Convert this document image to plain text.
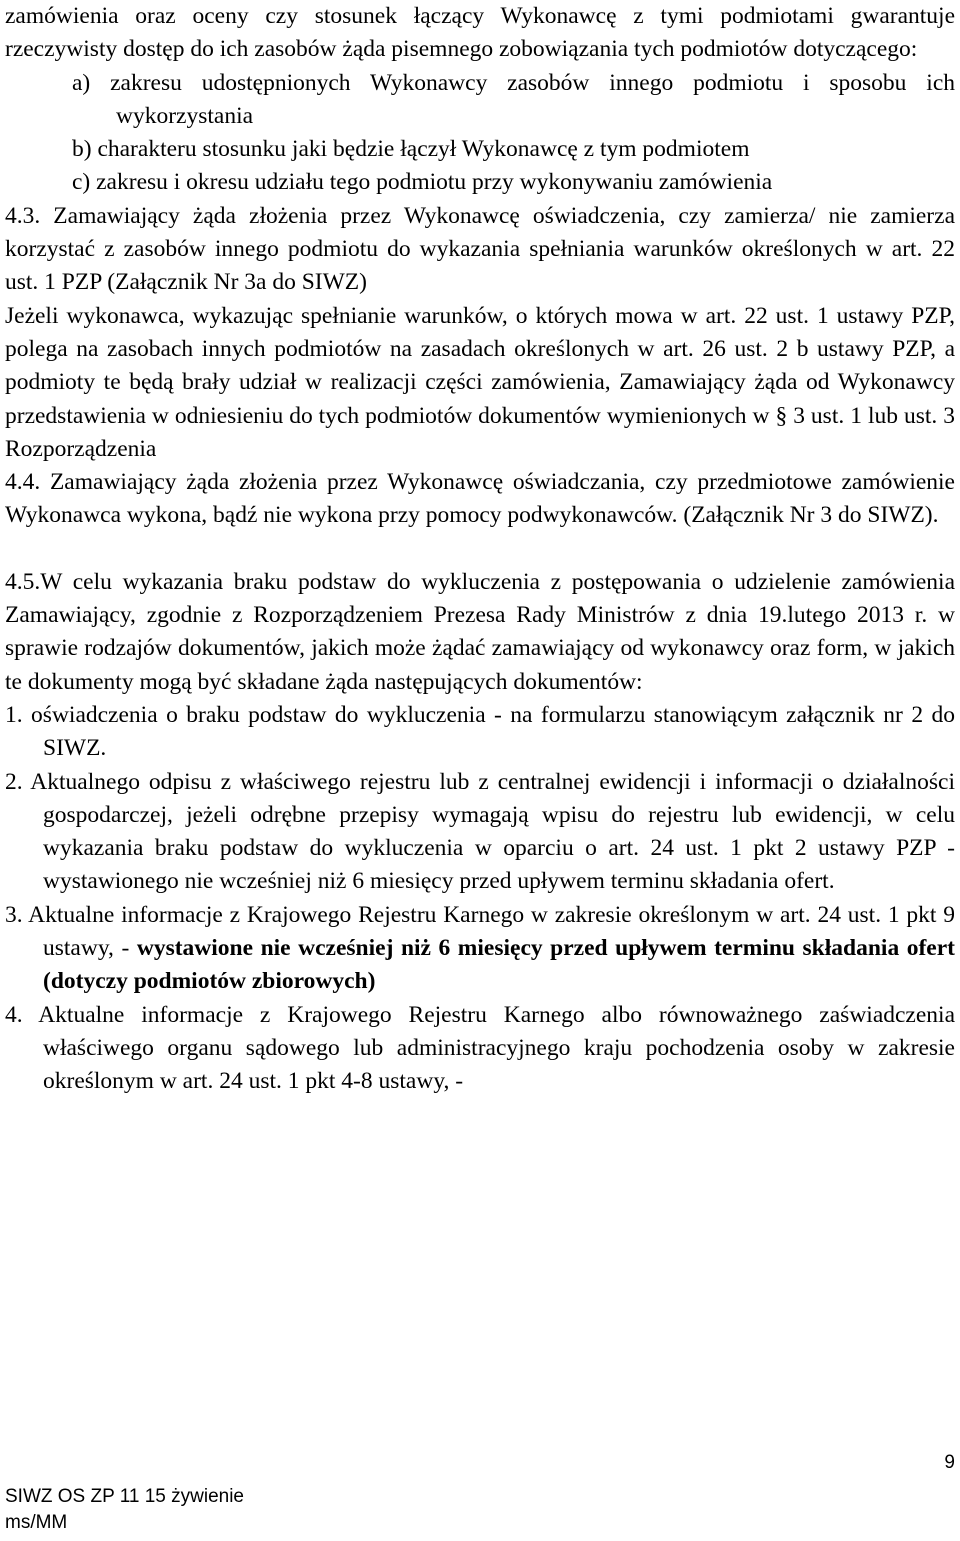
zamówienia oraz oceny czy stosunek łączący Wykonawcę z tymi podmiotami gwarantuje rzeczywisty dostęp do ich zasobów żąda pisemnego zobowiązania tych podmiotów dotyczącego:

a) zakresu udostępnionych Wykonawcy zasobów innego podmiotu i sposobu ich wykorzystania

b) charakteru stosunku jaki będzie łączył Wykonawcę z tym podmiotem

c) zakresu i okresu udziału tego podmiotu przy wykonywaniu zamówienia

4.3. Zamawiający żąda złożenia przez Wykonawcę oświadczenia, czy zamierza/ nie zamierza korzystać z zasobów innego podmiotu do wykazania spełniania warunków określonych w art. 22 ust. 1 PZP (Załącznik Nr 3a do SIWZ)

Jeżeli wykonawca, wykazując spełnianie warunków, o których mowa w art. 22 ust. 1 ustawy PZP, polega na zasobach innych podmiotów na zasadach określonych w art. 26 ust. 2 b ustawy PZP, a podmioty te będą brały udział w realizacji części zamówienia, Zamawiający żąda od Wykonawcy przedstawienia w odniesieniu do tych podmiotów dokumentów wymienionych w § 3 ust. 1 lub ust. 3 Rozporządzenia

4.4. Zamawiający żąda złożenia przez Wykonawcę oświadczania, czy przedmiotowe zamówienie Wykonawca wykona, bądź nie wykona przy pomocy podwykonawców. (Załącznik Nr 3 do SIWZ).

4.5.W celu wykazania braku podstaw do wykluczenia z postępowania o udzielenie zamówienia Zamawiający, zgodnie z Rozporządzeniem Prezesa Rady Ministrów z dnia 19.lutego 2013 r. w sprawie rodzajów dokumentów, jakich może żądać zamawiający od wykonawcy oraz form, w jakich te dokumenty mogą być składane żąda następujących dokumentów:

1. oświadczenia o braku podstaw do wykluczenia - na formularzu stanowiącym załącznik nr 2 do SIWZ.

2. Aktualnego odpisu z właściwego rejestru lub z centralnej ewidencji i informacji o działalności gospodarczej, jeżeli odrębne przepisy wymagają wpisu do rejestru lub ewidencji, w celu wykazania braku podstaw do wykluczenia w oparciu o art. 24 ust. 1 pkt 2 ustawy PZP - wystawionego nie wcześniej niż 6 miesięcy przed upływem terminu składania ofert.

3. Aktualne informacje z Krajowego Rejestru Karnego w zakresie określonym w art. 24 ust. 1 pkt 9 ustawy, - wystawione nie wcześniej niż 6 miesięcy przed upływem terminu składania ofert (dotyczy podmiotów zbiorowych)

4. Aktualne informacje z Krajowego Rejestru Karnego albo równoważnego zaświadczenia właściwego organu sądowego lub administracyjnego kraju pochodzenia osoby w zakresie określonym w art. 24 ust. 1 pkt 4-8 ustawy, -

SIWZ OS ZP 11 15 żywienie
ms/MM
9
